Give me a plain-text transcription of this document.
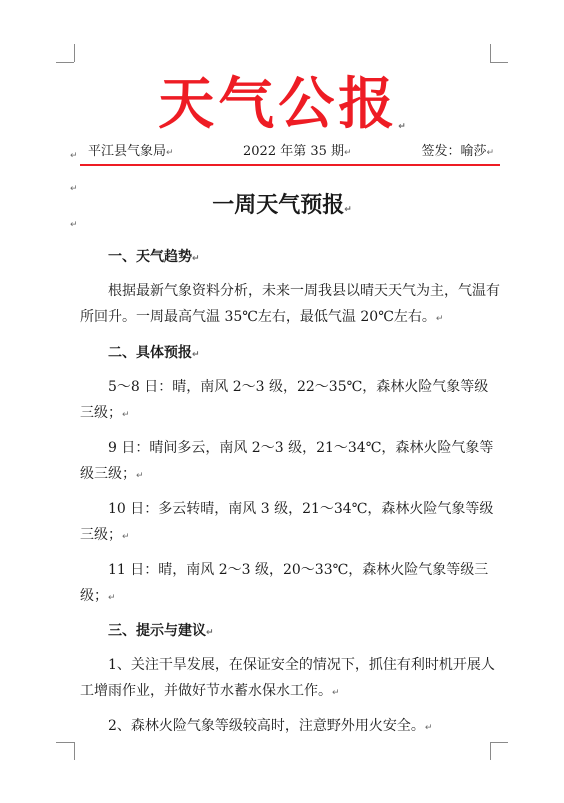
天气公报↵
↵ 平江县气象局↵	2022 年第 35 期↵	签发：喻莎↵
↵
↵
一周天气预报↵
一、天气趋势↵
根据最新气象资料分析，未来一周我县以晴天天气为主，气温有所回升。一周最高气温 35℃左右，最低气温 20℃左右。↵
二、具体预报↵
5～8 日：晴，南风 2～3 级，22～35℃，森林火险气象等级三级；↵
9 日：晴间多云，南风 2～3 级，21～34℃，森林火险气象等级三级；↵
10 日：多云转晴，南风 3 级，21～34℃，森林火险气象等级三级；↵
11 日：晴，南风 2～3 级，20～33℃，森林火险气象等级三级；↵
三、提示与建议↵
1、关注干旱发展，在保证安全的情况下，抓住有利时机开展人工增雨作业，并做好节水蓄水保水工作。↵
2、森林火险气象等级较高时，注意野外用火安全。↵
